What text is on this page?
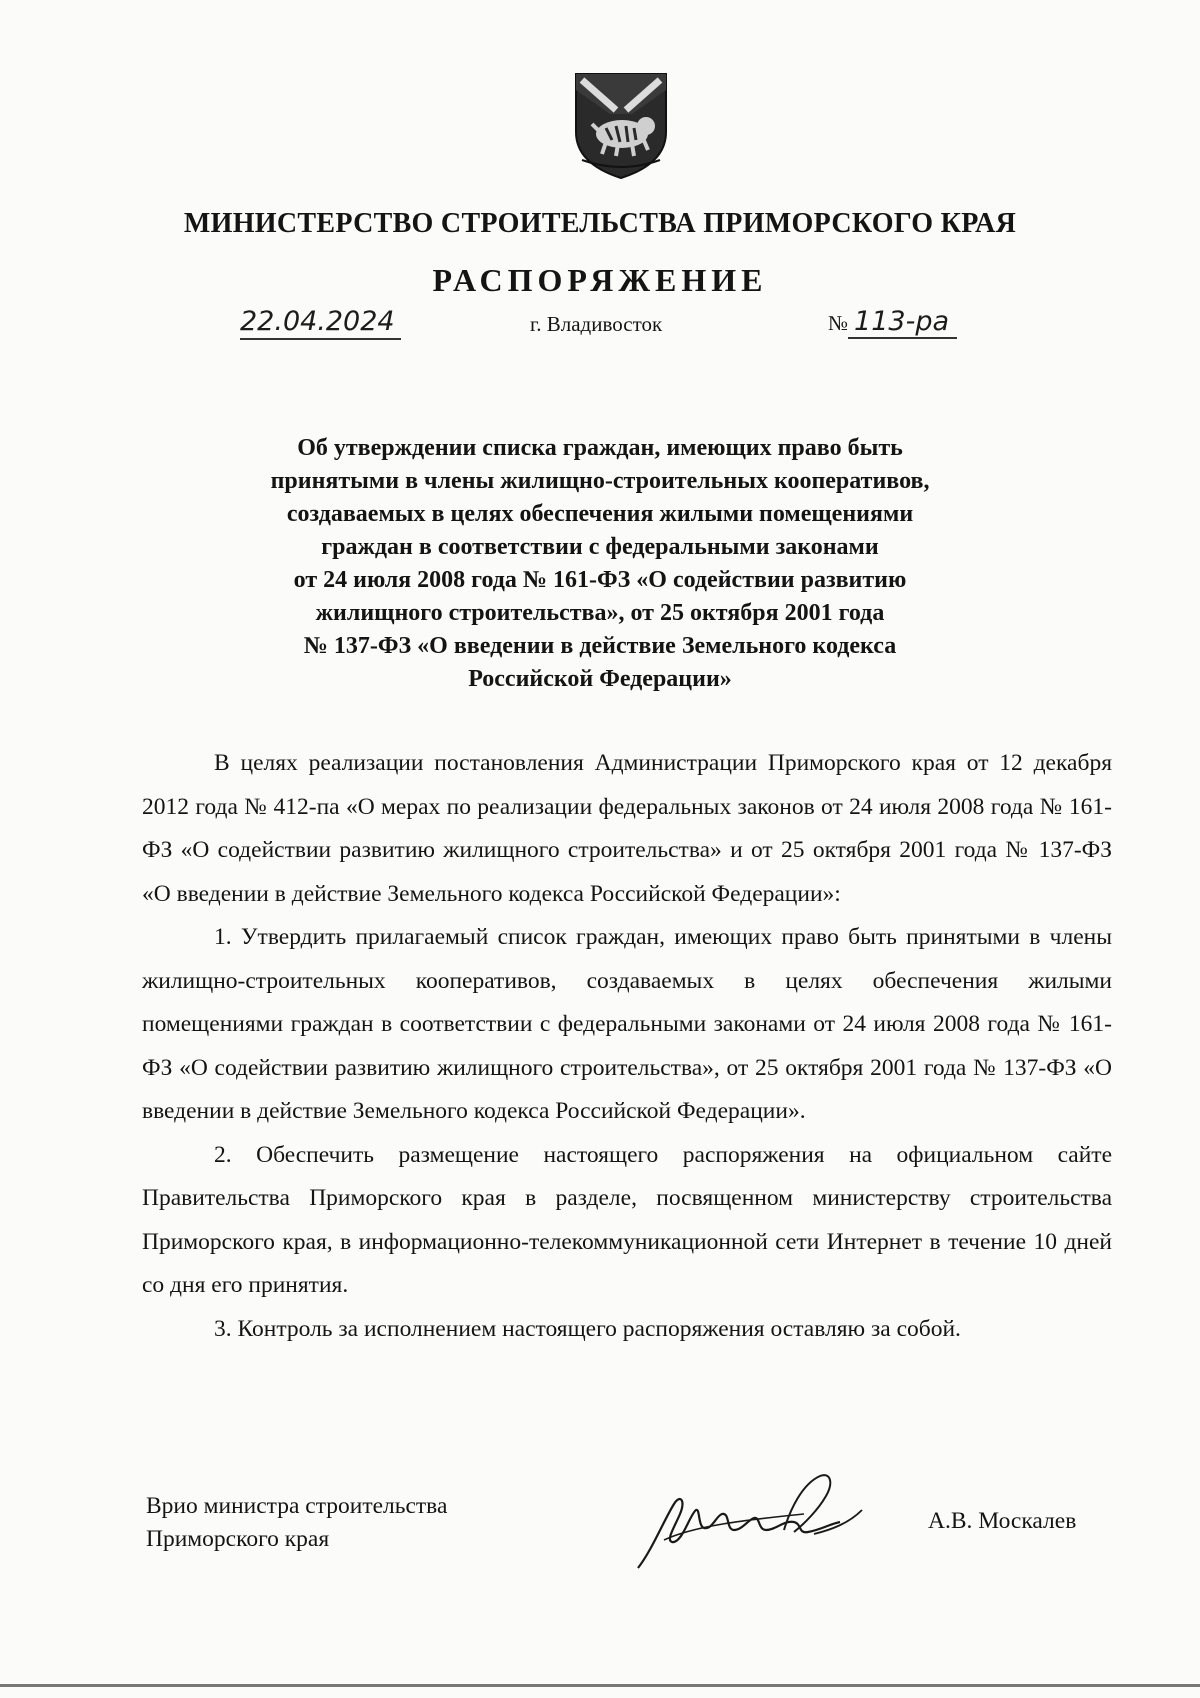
МИНИСТЕРСТВО СТРОИТЕЛЬСТВА ПРИМОРСКОГО КРАЯ
РАСПОРЯЖЕНИЕ
22.04.2024	г. Владивосток	№ 113-ра
Об утверждении списка граждан, имеющих право быть
принятыми в члены жилищно-строительных кооперативов,
создаваемых в целях обеспечения жилыми помещениями
граждан в соответствии с федеральными законами
от 24 июля 2008 года № 161-ФЗ «О содействии развитию
жилищного строительства», от 25 октября 2001 года
№ 137-ФЗ «О введении в действие Земельного кодекса
Российской Федерации»

В целях реализации постановления Администрации Приморского края от 12 декабря 2012 года № 412-па «О мерах по реализации федеральных законов от 24 июля 2008 года № 161-ФЗ «О содействии развитию жилищного строительства» и от 25 октября 2001 года № 137-ФЗ «О введении в действие Земельного кодекса Российской Федерации»:

1. Утвердить прилагаемый список граждан, имеющих право быть принятыми в члены жилищно-строительных кооперативов, создаваемых в целях обеспечения жилыми помещениями граждан в соответствии с федеральными законами от 24 июля 2008 года № 161-ФЗ «О содействии развитию жилищного строительства», от 25 октября 2001 года № 137-ФЗ «О введении в действие Земельного кодекса Российской Федерации».

2. Обеспечить размещение настоящего распоряжения на официальном сайте Правительства Приморского края в разделе, посвященном министерству строительства Приморского края, в информационно-телекоммуникационной сети Интернет в течение 10 дней со дня его принятия.

3. Контроль за исполнением настоящего распоряжения оставляю за собой.

Врио министра строительства
Приморского края
А.В. Москалев
